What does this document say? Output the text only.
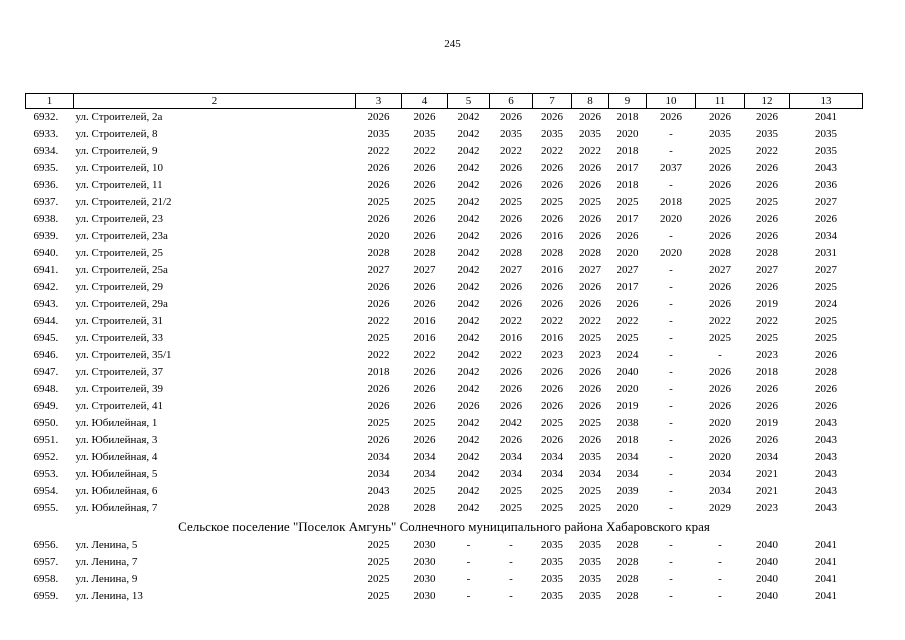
245
1	2	3	4	5	6	7	8	9	10	11	12	13
6932.	ул. Строителей, 2а	2026	2026	2042	2026	2026	2026	2018	2026	2026	2026	2041
6933.	ул. Строителей, 8	2035	2035	2042	2035	2035	2035	2020	-	2035	2035	2035
6934.	ул. Строителей, 9	2022	2022	2042	2022	2022	2022	2018	-	2025	2022	2035
6935.	ул. Строителей, 10	2026	2026	2042	2026	2026	2026	2017	2037	2026	2026	2043
6936.	ул. Строителей, 11	2026	2026	2042	2026	2026	2026	2018	-	2026	2026	2036
6937.	ул. Строителей, 21/2	2025	2025	2042	2025	2025	2025	2025	2018	2025	2025	2027
6938.	ул. Строителей, 23	2026	2026	2042	2026	2026	2026	2017	2020	2026	2026	2026
6939.	ул. Строителей, 23а	2020	2026	2042	2026	2016	2026	2026	-	2026	2026	2034
6940.	ул. Строителей, 25	2028	2028	2042	2028	2028	2028	2020	2020	2028	2028	2031
6941.	ул. Строителей, 25а	2027	2027	2042	2027	2016	2027	2027	-	2027	2027	2027
6942.	ул. Строителей, 29	2026	2026	2042	2026	2026	2026	2017	-	2026	2026	2025
6943.	ул. Строителей, 29а	2026	2026	2042	2026	2026	2026	2026	-	2026	2019	2024
6944.	ул. Строителей, 31	2022	2016	2042	2022	2022	2022	2022	-	2022	2022	2025
6945.	ул. Строителей, 33	2025	2016	2042	2016	2016	2025	2025	-	2025	2025	2025
6946.	ул. Строителей, 35/1	2022	2022	2042	2022	2023	2023	2024	-	-	2023	2026
6947.	ул. Строителей, 37	2018	2026	2042	2026	2026	2026	2040	-	2026	2018	2028
6948.	ул. Строителей, 39	2026	2026	2042	2026	2026	2026	2020	-	2026	2026	2026
6949.	ул. Строителей, 41	2026	2026	2026	2026	2026	2026	2019	-	2026	2026	2026
6950.	ул. Юбилейная, 1	2025	2025	2042	2042	2025	2025	2038	-	2020	2019	2043
6951.	ул. Юбилейная, 3	2026	2026	2042	2026	2026	2026	2018	-	2026	2026	2043
6952.	ул. Юбилейная, 4	2034	2034	2042	2034	2034	2035	2034	-	2020	2034	2043
6953.	ул. Юбилейная, 5	2034	2034	2042	2034	2034	2034	2034	-	2034	2021	2043
6954.	ул. Юбилейная, 6	2043	2025	2042	2025	2025	2025	2039	-	2034	2021	2043
6955.	ул. Юбилейная, 7	2028	2028	2042	2025	2025	2025	2020	-	2029	2023	2043
Сельское поселение "Поселок Амгунь" Солнечного муниципального района Хабаровского края												
6956.	ул. Ленина, 5	2025	2030	-	-	2035	2035	2028	-	-	2040	2041
6957.	ул. Ленина, 7	2025	2030	-	-	2035	2035	2028	-	-	2040	2041
6958.	ул. Ленина, 9	2025	2030	-	-	2035	2035	2028	-	-	2040	2041
6959.	ул. Ленина, 13	2025	2030	-	-	2035	2035	2028	-	-	2040	2041
